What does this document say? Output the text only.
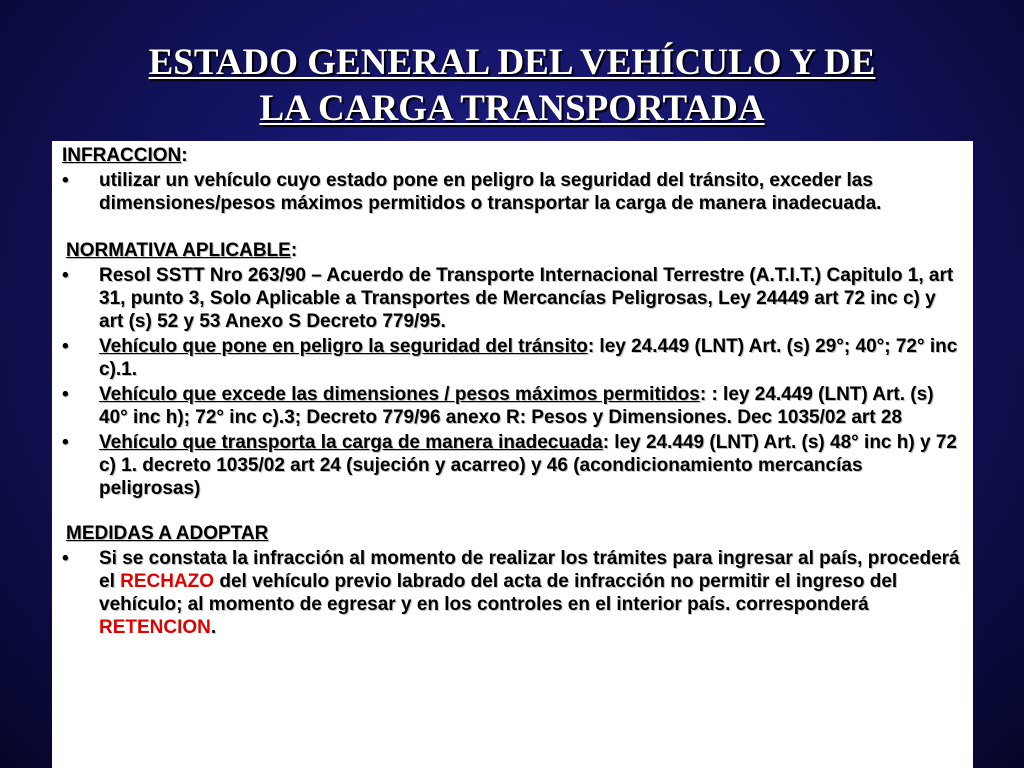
ESTADO GENERAL DEL VEHÍCULO Y DE
LA CARGA TRANSPORTADA
INFRACCION:
•	utilizar un vehículo cuyo estado pone en peligro la seguridad del tránsito, exceder las dimensiones/pesos máximos permitidos o transportar la carga de manera inadecuada.
NORMATIVA APLICABLE:
•	Resol SSTT Nro 263/90 – Acuerdo de Transporte Internacional Terrestre (A.T.I.T.) Capitulo 1, art 31, punto 3, Solo Aplicable a Transportes de Mercancías Peligrosas, Ley 24449 art 72 inc c) y art (s) 52 y 53 Anexo S Decreto 779/95.
•	Vehículo que pone en peligro la seguridad del tránsito: ley 24.449 (LNT) Art. (s) 29°; 40°; 72° inc c).1.
•	Vehículo que excede las dimensiones / pesos máximos permitidos: : ley 24.449 (LNT) Art. (s) 40° inc h); 72° inc c).3; Decreto 779/96 anexo R: Pesos y Dimensiones. Dec 1035/02 art 28
•	Vehículo que transporta la carga de manera inadecuada: ley 24.449 (LNT) Art. (s) 48° inc h) y 72 c) 1. decreto 1035/02 art 24 (sujeción y acarreo) y 46 (acondicionamiento mercancías peligrosas)
MEDIDAS A ADOPTAR
•	Si se constata la infracción al momento de realizar los trámites para ingresar al país, procederá el RECHAZO del vehículo previo labrado del acta de infracción no permitir el ingreso del vehículo; al momento de egresar y en los controles en el interior país. corresponderá RETENCION.
